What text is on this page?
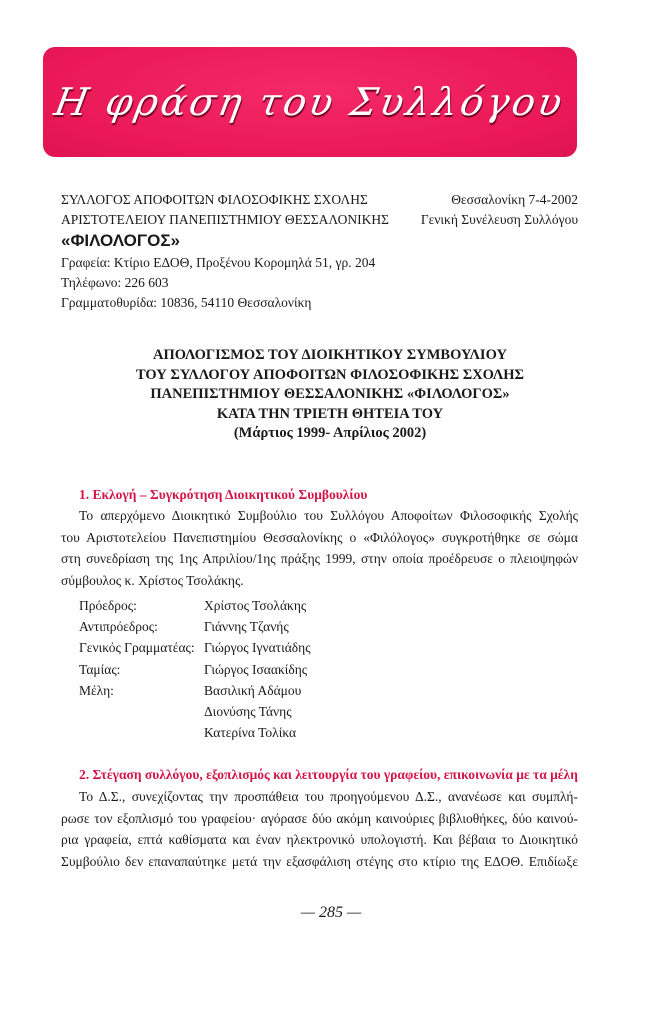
Η φράση του Συλλόγου
ΣΥΛΛΟΓΟΣ ΑΠΟΦΟΙΤΩΝ ΦΙΛΟΣΟΦΙΚΗΣ ΣΧΟΛΗΣ	Θεσσαλονίκη 7-4-2002
ΑΡΙΣΤΟΤΕΛΕΙΟΥ ΠΑΝΕΠΙΣΤΗΜΙΟΥ ΘΕΣΣΑΛΟΝΙΚΗΣ Γενική Συνέλευση Συλλόγου
«ΦΙΛΟΛΟΓΟΣ»
Γραφεία: Κτίριο ΕΔΟΘ, Προξένου Κορομηλά 51, γρ. 204
Τηλέφωνο: 226 603
Γραμματοθυρίδα: 10836, 54110 Θεσσαλονίκη
ΑΠΟΛΟΓΙΣΜΟΣ ΤΟΥ ΔΙΟΙΚΗΤΙΚΟΥ ΣΥΜΒΟΥΛΙΟΥ
ΤΟΥ ΣΥΛΛΟΓΟΥ ΑΠΟΦΟΙΤΩΝ ΦΙΛΟΣΟΦΙΚΗΣ ΣΧΟΛΗΣ
ΠΑΝΕΠΙΣΤΗΜΙΟΥ ΘΕΣΣΑΛΟΝΙΚΗΣ «ΦΙΛΟΛΟΓΟΣ»
ΚΑΤΑ ΤΗΝ ΤΡΙΕΤΗ ΘΗΤΕΙΑ ΤΟΥ
(Μάρτιος 1999- Απρίλιος 2002)
1. Εκλογή – Συγκρότηση Διοικητικού Συμβουλίου
Το απερχόμενο Διοικητικό Συμβούλιο του Συλλόγου Αποφοίτων Φιλοσοφικής Σχολής
του Αριστοτελείου Πανεπιστημίου Θεσσαλονίκης ο «Φιλόλογος» συγκροτήθηκε σε σώμα
στη συνεδρίαση της 1ης Απριλίου/1ης πράξης 1999, στην οποία προέδρευσε ο πλειοψηφών
σύμβουλος κ. Χρίστος Τσολάκης.
Πρόεδρος:	Χρίστος Τσολάκης
Αντιπρόεδρος:	Γιάννης Τζανής
Γενικός Γραμματέας: Γιώργος Ιγνατιάδης
Ταμίας:	Γιώργος Ισαακίδης
Μέλη:	Βασιλική Αδάμου
Διονύσης Τάνης
Κατερίνα Τολίκα
2. Στέγαση συλλόγου, εξοπλισμός και λειτουργία του γραφείου, επικοινωνία με τα μέλη
Το Δ.Σ., συνεχίζοντας την προσπάθεια του προηγούμενου Δ.Σ., ανανέωσε και συμπλή-
ρωσε τον εξοπλισμό του γραφείου· αγόρασε δύο ακόμη καινούριες βιβλιοθήκες, δύο καινού-
ρια γραφεία, επτά καθίσματα και έναν ηλεκτρονικό υπολογιστή. Και βέβαια το Διοικητικό
Συμβούλιο δεν επαναπαύτηκε μετά την εξασφάλιση στέγης στο κτίριο της ΕΔΟΘ. Επιδίωξε
— 285 —
